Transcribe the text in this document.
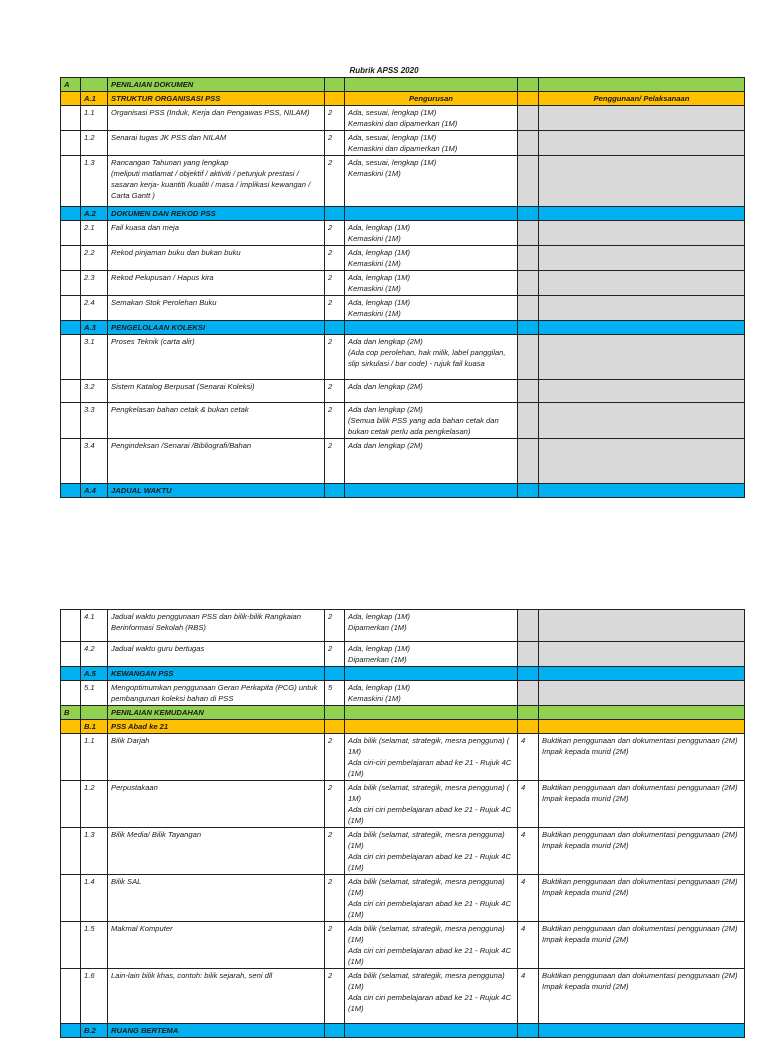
Rubrik APSS 2020
A		PENILAIAN DOKUMEN				
	A.1	STRUKTUR ORGANISASI PSS		Pengurusan		Penggunaan/ Pelaksanaan
	1.1	Organisasi PSS (Induk, Kerja dan Pengawas PSS, NILAM)	2	Ada, sesuai, lengkap (1M)
Kemaskini dan dipamerkan (1M)		
	1.2	Senarai tugas JK PSS dan NILAM	2	Ada, sesuai, lengkap (1M)
Kemaskini dan dipamerkan (1M)		
	1.3	Rancangan Tahunan yang lengkap
(meliputi matlamat / objektif / aktiviti / petunjuk prestasi / sasaran kerja- kuantiti /kualiti / masa / implikasi kewangan / Carta Gantt )	2	Ada, sesuai, lengkap (1M)
Kemaskini (1M)		
	A.2	DOKUMEN DAN REKOD PSS				
	2.1	Fail kuasa dan meja	2	Ada, lengkap (1M)
Kemaskini (1M)		
	2.2	Rekod pinjaman buku dan bukan buku	2	Ada, lengkap (1M)
Kemaskini (1M)		
	2.3	Rekod Pelupusan / Hapus kira	2	Ada, lengkap (1M)
Kemaskini (1M)		
	2.4	Semakan Stok Perolehan Buku	2	Ada, lengkap (1M)
Kemaskini (1M)		
	A.3	PENGELOLAAN KOLEKSI				
	3.1	Proses Teknik (carta alir)	2	Ada dan lengkap (2M)
(Ada cop perolehan, hak milik, label panggilan, slip sirkulasi / bar code) - rujuk fail kuasa		
	3.2	Sistem Katalog Berpusat (Senarai Koleksi)	2	Ada dan lengkap (2M)		
	3.3	Pengkelasan bahan cetak & bukan cetak	2	Ada dan lengkap (2M)
(Semua bilik PSS yang ada bahan cetak dan bukan cetak perlu ada pengkelasan)		
	3.4	Pengindeksan /Senarai /Bibliografi/Bahan	2	Ada dan lengkap (2M)		
	A.4	JADUAL WAKTU				
	4.1	Jadual waktu penggunaan PSS dan bilik-bilik Rangkaian Berinformasi Sekolah (RBS)	2	Ada, lengkap (1M)
Dipamerkan (1M)		
	4.2	Jadual waktu guru bertugas	2	Ada, lengkap (1M)
Dipamerkan (1M)		
	A.5	KEWANGAN PSS				
	5.1	Mengoptimumkan penggunaan Geran Perkapita (PCG) untuk pembangunan koleksi bahan di PSS	5	Ada, lengkap (1M)
Kemaskini (1M)		
B		PENILAIAN KEMUDAHAN				
	B.1	PSS Abad ke 21				
	1.1	Bilik Darjah	2	Ada bilik (selamat, strategik, mesra pengguna) ( 1M)
Ada ciri-ciri pembelajaran abad ke 21 - Rujuk 4C (1M)	4	Buktikan penggunaan dan dokumentasi penggunaan (2M)
Impak kepada murid (2M)
	1.2	Perpustakaan	2	Ada bilik (selamat, strategik, mesra pengguna) ( 1M)
Ada ciri ciri pembelajaran abad ke 21 - Rujuk 4C (1M)	4	Buktikan penggunaan dan dokumentasi penggunaan (2M)
Impak kepada murid (2M)
	1.3	Bilik Media/ Bilik Tayangan	2	Ada bilik (selamat, strategik, mesra pengguna) (1M)
Ada ciri ciri pembelajaran abad ke 21 - Rujuk 4C (1M)	4	Buktikan penggunaan dan dokumentasi penggunaan (2M)
Impak kepada murid (2M)
	1.4	Bilik SAL	2	Ada bilik (selamat, strategik, mesra pengguna) (1M)
Ada ciri ciri pembelajaran abad ke 21 - Rujuk 4C (1M)	4	Buktikan penggunaan dan dokumentasi penggunaan (2M)
Impak kepada murid (2M)
	1.5	Makmal Komputer	2	Ada bilik (selamat, strategik, mesra pengguna) (1M)
Ada ciri ciri pembelajaran abad ke 21 - Rujuk 4C (1M)	4	Buktikan penggunaan dan dokumentasi penggunaan (2M)
Impak kepada murid (2M)
	1.6	Lain-lain bilik khas, contoh: bilik sejarah, seni dll	2	Ada bilik (selamat, strategik, mesra pengguna) (1M)
Ada ciri ciri pembelajaran abad ke 21 - Rujuk 4C (1M)	4	Buktikan penggunaan dan dokumentasi penggunaan (2M)
Impak kepada murid (2M)
	B.2	RUANG BERTEMA				
